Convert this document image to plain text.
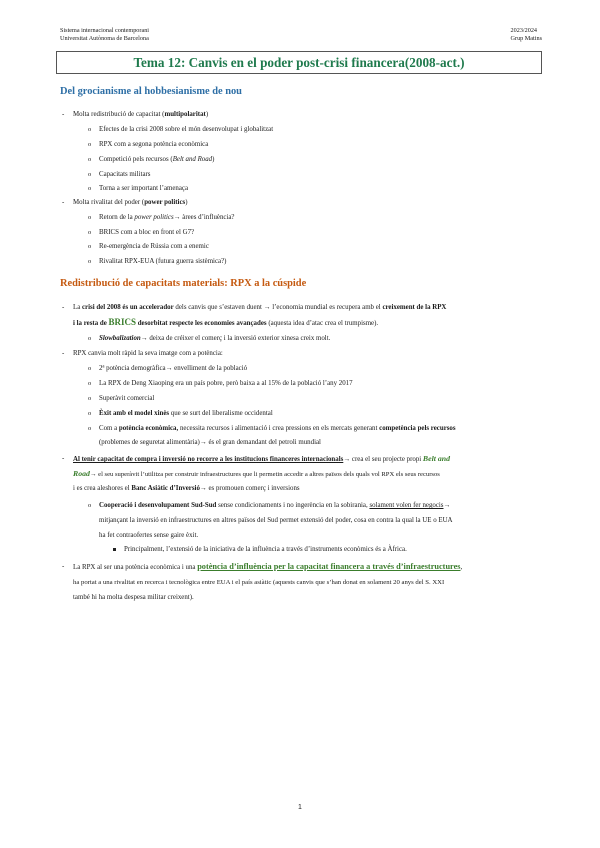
Sistema internacional contemporani
Universitat Autònoma de Barcelona
2023/2024
Grup Matins
Tema 12: Canvis en el poder post-crisi financera(2008-act.)
Del grocianisme al hobbesianisme de nou
- Molta redistribució de capacitat (multipolaritat)
o Efectes de la crisi 2008 sobre el món desenvolupat i globalitzat
o RPX com a segona potència econòmica
o Competició pels recursos (Belt and Road)
o Capacitats militars
o Torna a ser important l’amenaça
- Molta rivalitat del poder (power politics)
o Retorn de la power politics→ àrees d’influència?
o BRICS com a bloc en front el G7?
o Re-emergència de Rússia com a enemic
o Rivalitat RPX-EUA (futura guerra sistèmica?)
Redistribució de capacitats materials: RPX a la cúspide
- La crisi del 2008 és un accelerador dels canvis que s’estaven duent → l’economia mundial es recupera amb el creixement de la RPX
i la resta de BRICS desorbitat respecte les economies avançades (aquesta idea d’atac crea el trumpisme).
o Slowbalization→ deixa de créixer el comerç i la inversió exterior xinesa creix molt.
- RPX canvia molt ràpid la seva imatge com a potència:
o 2ª potència demogràfica→ envelliment de la població
o La RPX de Deng Xiaoping era un país pobre, però baixa a al 15% de la població l’any 2017
o Superàvit comercial
o Èxit amb el model xinès que se surt del liberalisme occidental
o Com a potència econòmica, necessita recursos i alimentació i crea pressions en els mercats generant competència pels recursos
(problemes de seguretat alimentària)→ és el gran demandant del petroli mundial
- Al tenir capacitat de compra i inversió no recorre a les institucions financeres internacionals→ crea el seu projecte propi Belt and
Road→ el seu superàvit l’utilitza per construir infraestructures que li permetin accedir a altres països dels quals vol RPX els seus recursos
i es crea aleshores el Banc Asiàtic d’Inversió→ es promouen comerç i inversions
o Cooperació i desenvolupament Sud-Sud sense condicionaments i no ingerència en la sobirania, solament volen fer negocis→
mitjançant la inversió en infraestructures en altres països del Sud permet extensió del poder, cosa en contra la qual la UE o EUA
ha fet contraofertes sense gaire èxit.
Principalment, l’extensió de la iniciativa de la influència a través d’instruments econòmics és a Àfrica.
- La RPX al ser una potència econòmica i una potència d’influència per la capacitat financera a través d’infraestructures,
ha portat a una rivalitat en recerca i tecnològica entre EUA i el país asiàtic (aquests canvis que s’han donat en solament 20 anys del S. XXI
també hi ha molta despesa militar creixent).
1
